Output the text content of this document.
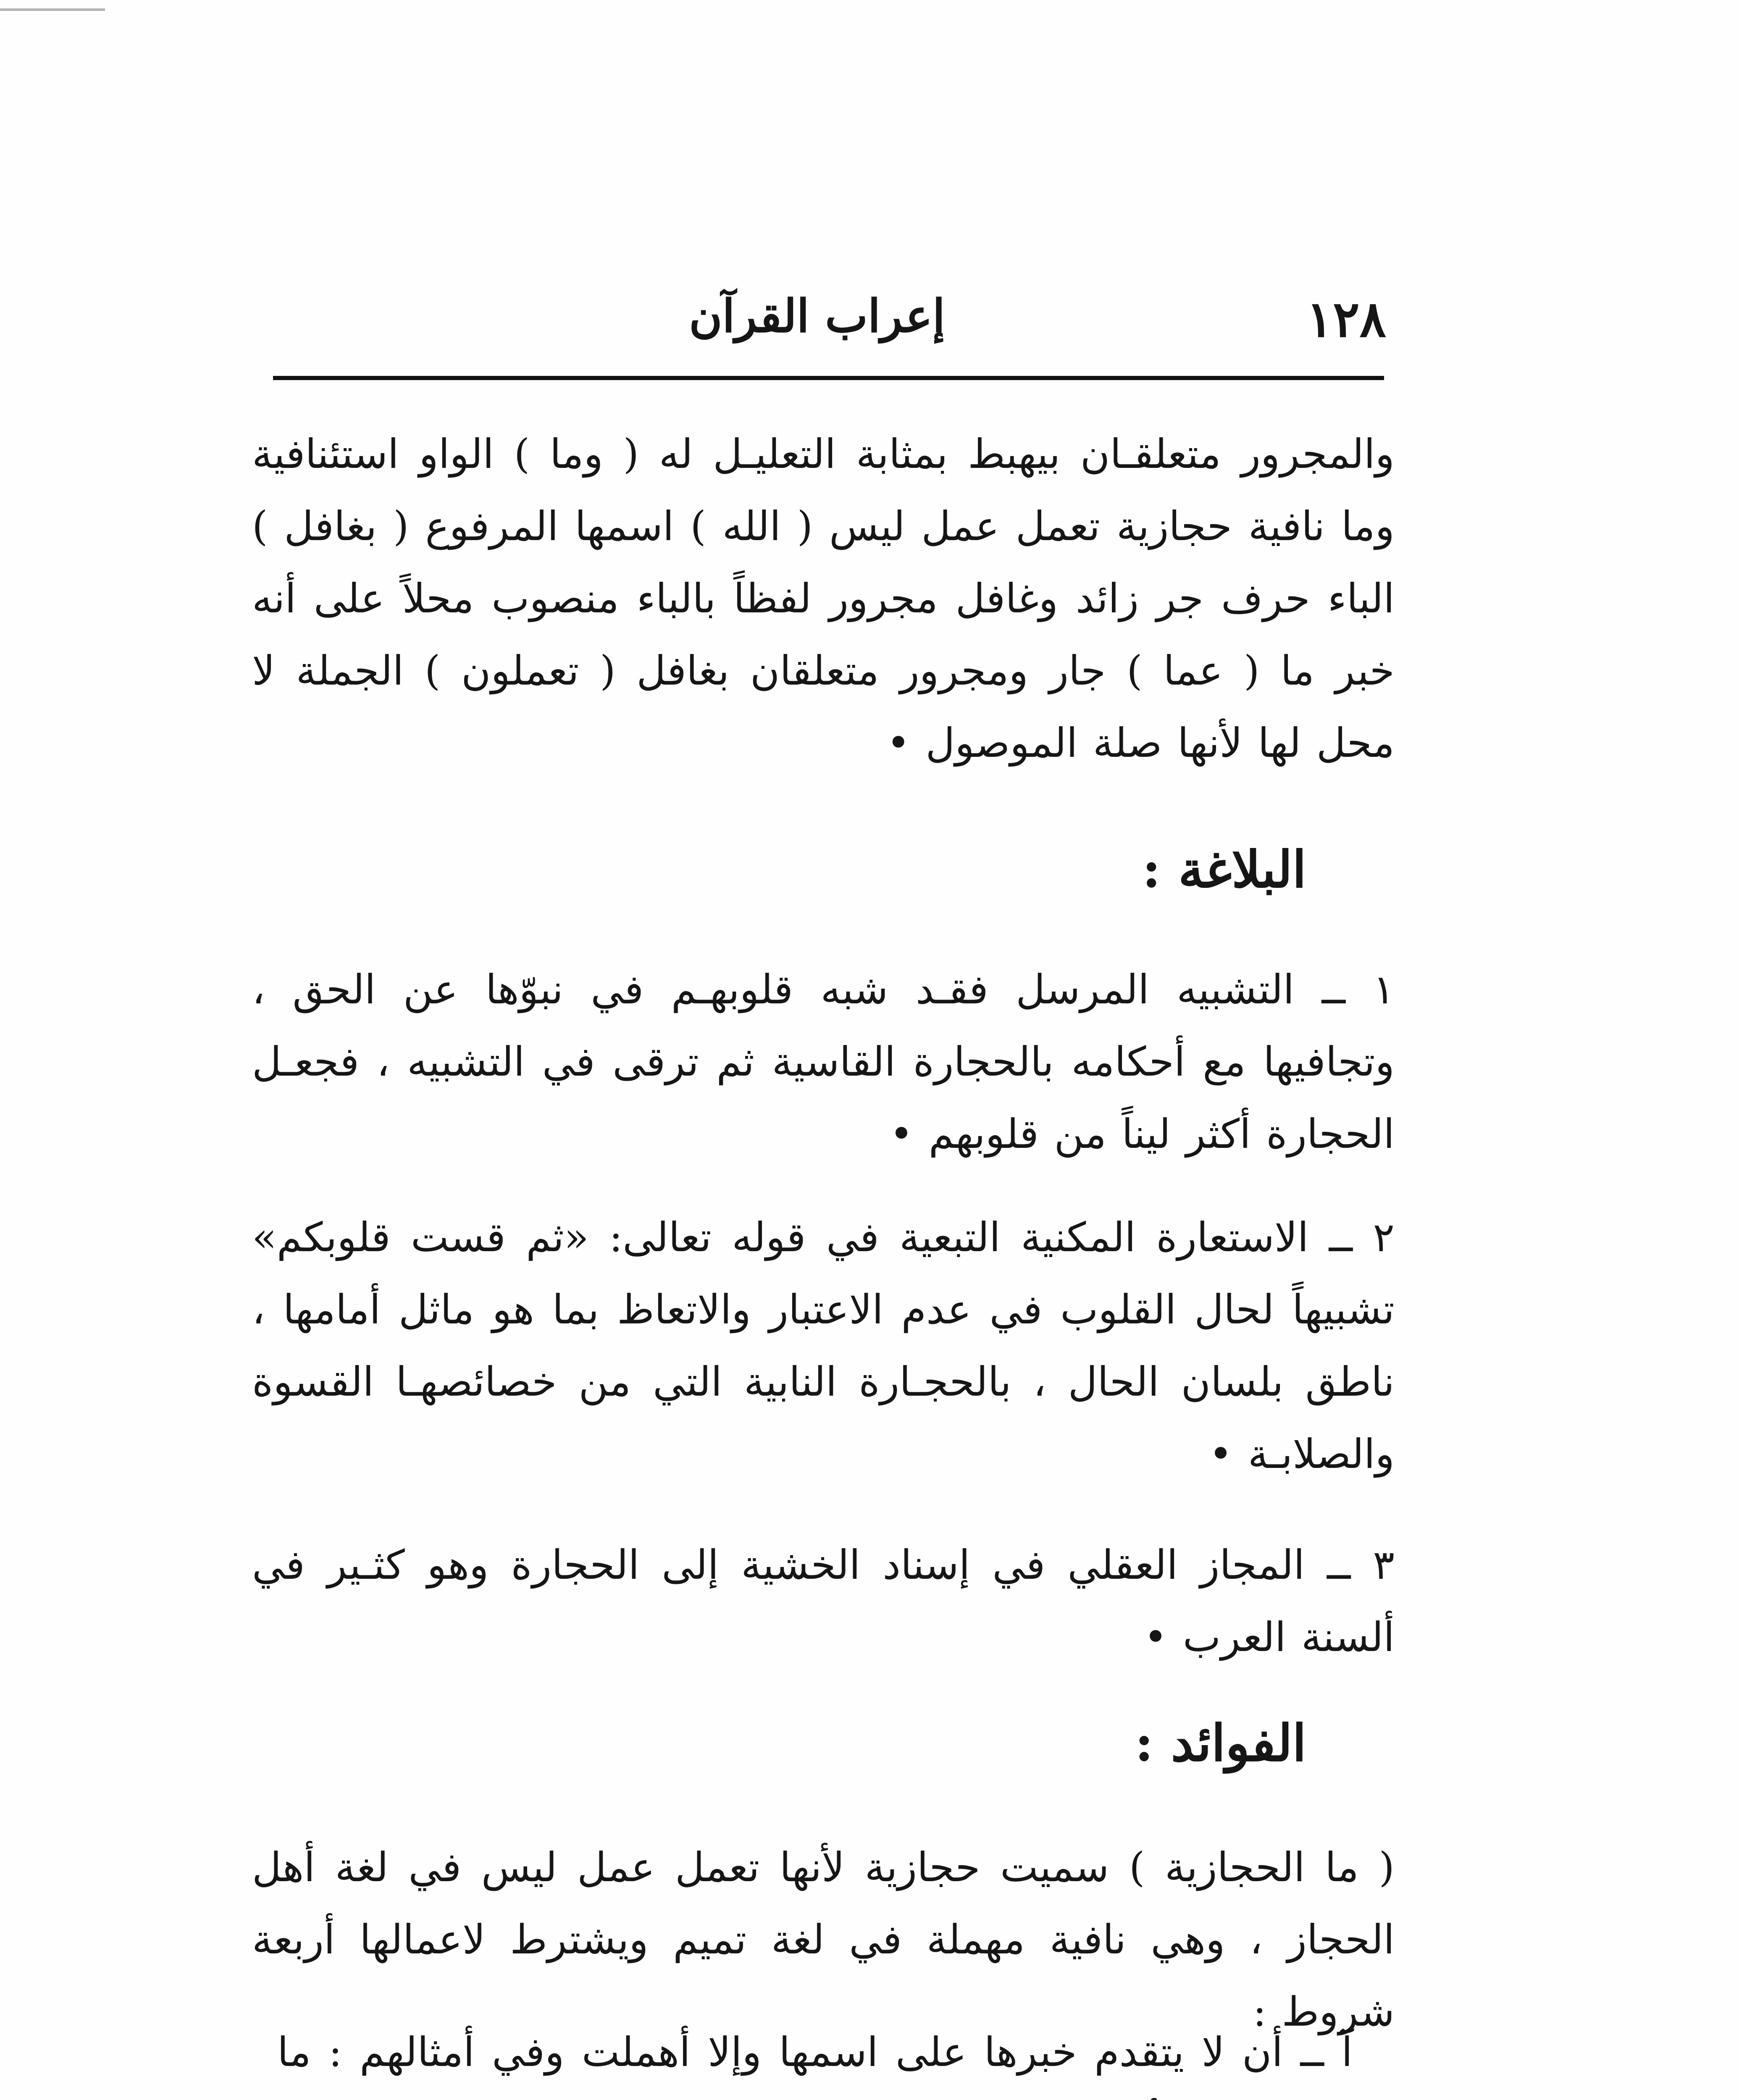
١٢٨
إعراب القرآن

والمجرور متعلقـان بيهبط بمثابة التعليـل له ( وما ) الواو استئنافية وما نافية حجازية تعمل عمل ليس ( الله ) اسمها المرفوع ( بغافل ) الباء حرف جر زائد وغافل مجرور لفظاً بالباء منصوب محلاً على أنه خبر ما ( عما ) جار ومجرور متعلقان بغافل ( تعملون ) الجملة لا محل لها لأنها صلة الموصول •

البلاغة :

١ ــ التشبيه المرسل فقـد شبه قلوبهـم في نبوّها عن الحق ، وتجافيها مع أحكامه بالحجارة القاسية ثم ترقى في التشبيه ، فجعـل الحجارة أكثر ليناً من قلوبهم •

٢ ــ الاستعارة المكنية التبعية في قوله تعالى: «ثم قست قلوبكم» تشبيهاً لحال القلوب في عدم الاعتبار والاتعاظ بما هو ماثل أمامها ، ناطق بلسان الحال ، بالحجـارة النابية التي من خصائصهـا القسوة والصلابـة •

٣ ــ المجاز العقلي في إسناد الخشية إلى الحجارة وهو كثـير في ألسنة العرب •

الفوائد :

( ما الحجازية ) سميت حجازية لأنها تعمل عمل ليس في لغة أهل الحجاز ، وهي نافية مهملة في لغة تميم ويشترط لاعمالها أربعة شروط :

آ ــ أن لا يتقدم خبرها على اسمها وإلا أهملت وفي أمثالهم : ما
